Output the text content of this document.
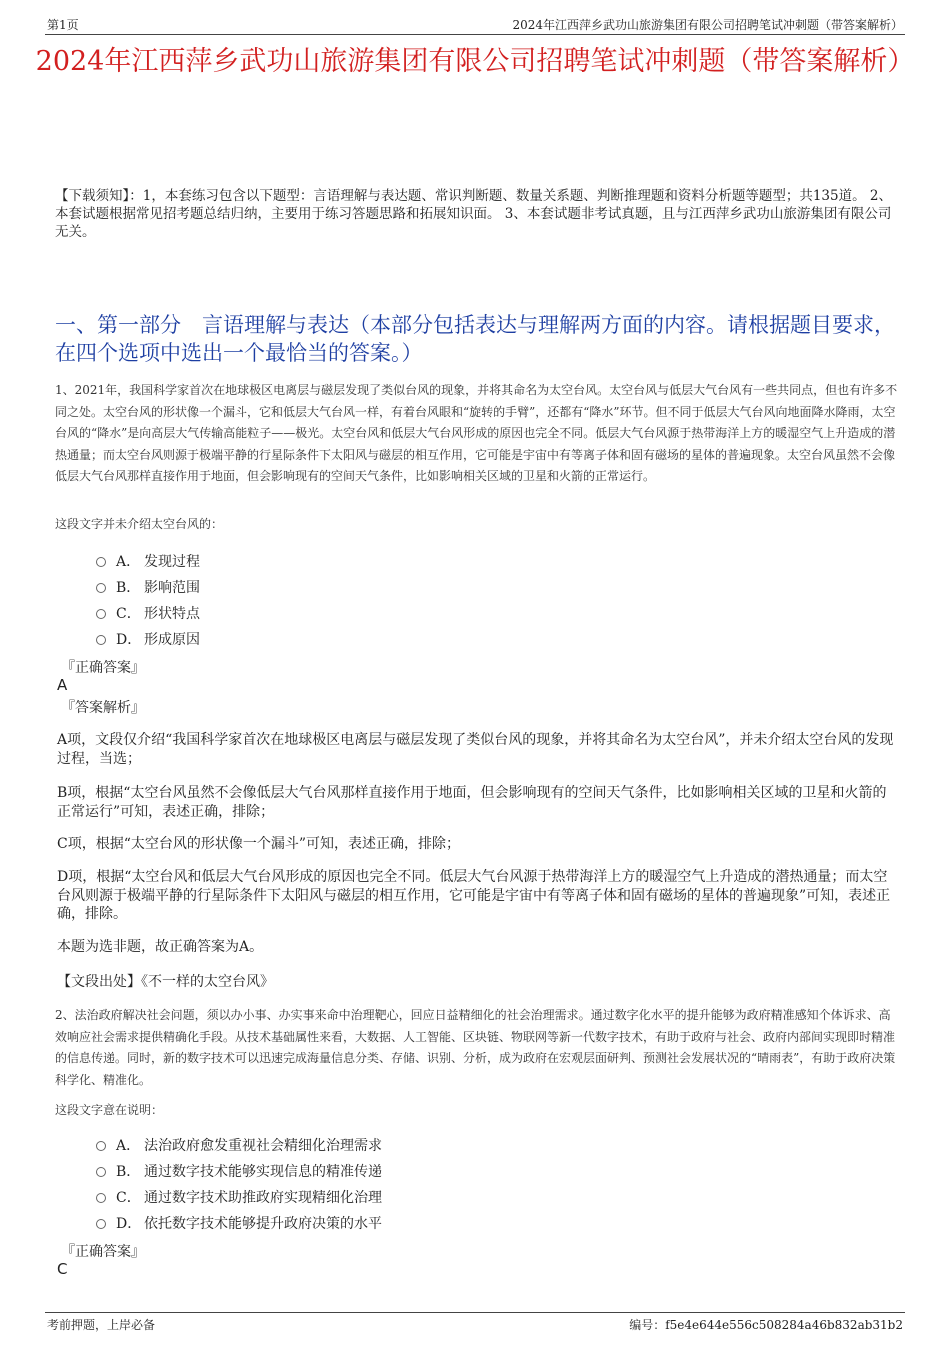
第1页	2024年江西萍乡武功山旅游集团有限公司招聘笔试冲刺题（带答案解析）
2024年江西萍乡武功山旅游集团有限公司招聘笔试冲刺题（带答案解析）
【下载须知】：1，本套练习包含以下题型：言语理解与表达题、常识判断题、数量关系题、判断推理题和资料分析题等题型；共135道。 2、本套试题根据常见招考题总结归纳，主要用于练习答题思路和拓展知识面。 3、本套试题非考试真题，且与江西萍乡武功山旅游集团有限公司无关。
一、第一部分　言语理解与表达（本部分包括表达与理解两方面的内容。请根据题目要求，在四个选项中选出一个最恰当的答案。）
1、2021年，我国科学家首次在地球极区电离层与磁层发现了类似台风的现象，并将其命名为太空台风。太空台风与低层大气台风有一些共同点，但也有许多不同之处。太空台风的形状像一个漏斗，它和低层大气台风一样，有着台风眼和“旋转的手臂”，还都有“降水”环节。但不同于低层大气台风向地面降水降雨，太空台风的“降水”是向高层大气传输高能粒子——极光。太空台风和低层大气台风形成的原因也完全不同。低层大气台风源于热带海洋上方的暖湿空气上升造成的潜热通量；而太空台风则源于极端平静的行星际条件下太阳风与磁层的相互作用，它可能是宇宙中有等离子体和固有磁场的星体的普遍现象。太空台风虽然不会像低层大气台风那样直接作用于地面，但会影响现有的空间天气条件，比如影响相关区域的卫星和火箭的正常运行。
这段文字并未介绍太空台风的：
A． 发现过程
B． 影响范围
C． 形状特点
D． 形成原因
『正确答案』
A
『答案解析』
A项，文段仅介绍“我国科学家首次在地球极区电离层与磁层发现了类似台风的现象，并将其命名为太空台风”，并未介绍太空台风的发现过程，当选；
B项，根据“太空台风虽然不会像低层大气台风那样直接作用于地面，但会影响现有的空间天气条件，比如影响相关区域的卫星和火箭的正常运行”可知，表述正确，排除；
C项，根据“太空台风的形状像一个漏斗”可知，表述正确，排除；
D项，根据“太空台风和低层大气台风形成的原因也完全不同。低层大气台风源于热带海洋上方的暖湿空气上升造成的潜热通量；而太空台风则源于极端平静的行星际条件下太阳风与磁层的相互作用，它可能是宇宙中有等离子体和固有磁场的星体的普遍现象”可知，表述正确，排除。
本题为选非题，故正确答案为A。
【文段出处】《不一样的太空台风》
2、法治政府解决社会问题，须以办小事、办实事来命中治理靶心，回应日益精细化的社会治理需求。通过数字化水平的提升能够为政府精准感知个体诉求、高效响应社会需求提供精确化手段。从技术基础属性来看，大数据、人工智能、区块链、物联网等新一代数字技术，有助于政府与社会、政府内部间实现即时精准的信息传递。同时，新的数字技术可以迅速完成海量信息分类、存储、识别、分析，成为政府在宏观层面研判、预测社会发展状况的“晴雨表”，有助于政府决策科学化、精准化。
这段文字意在说明：
A． 法治政府愈发重视社会精细化治理需求
B． 通过数字技术能够实现信息的精准传递
C． 通过数字技术助推政府实现精细化治理
D． 依托数字技术能够提升政府决策的水平
『正确答案』
C
考前押题，上岸必备	编号：f5e4e644e556c508284a46b832ab31b2
